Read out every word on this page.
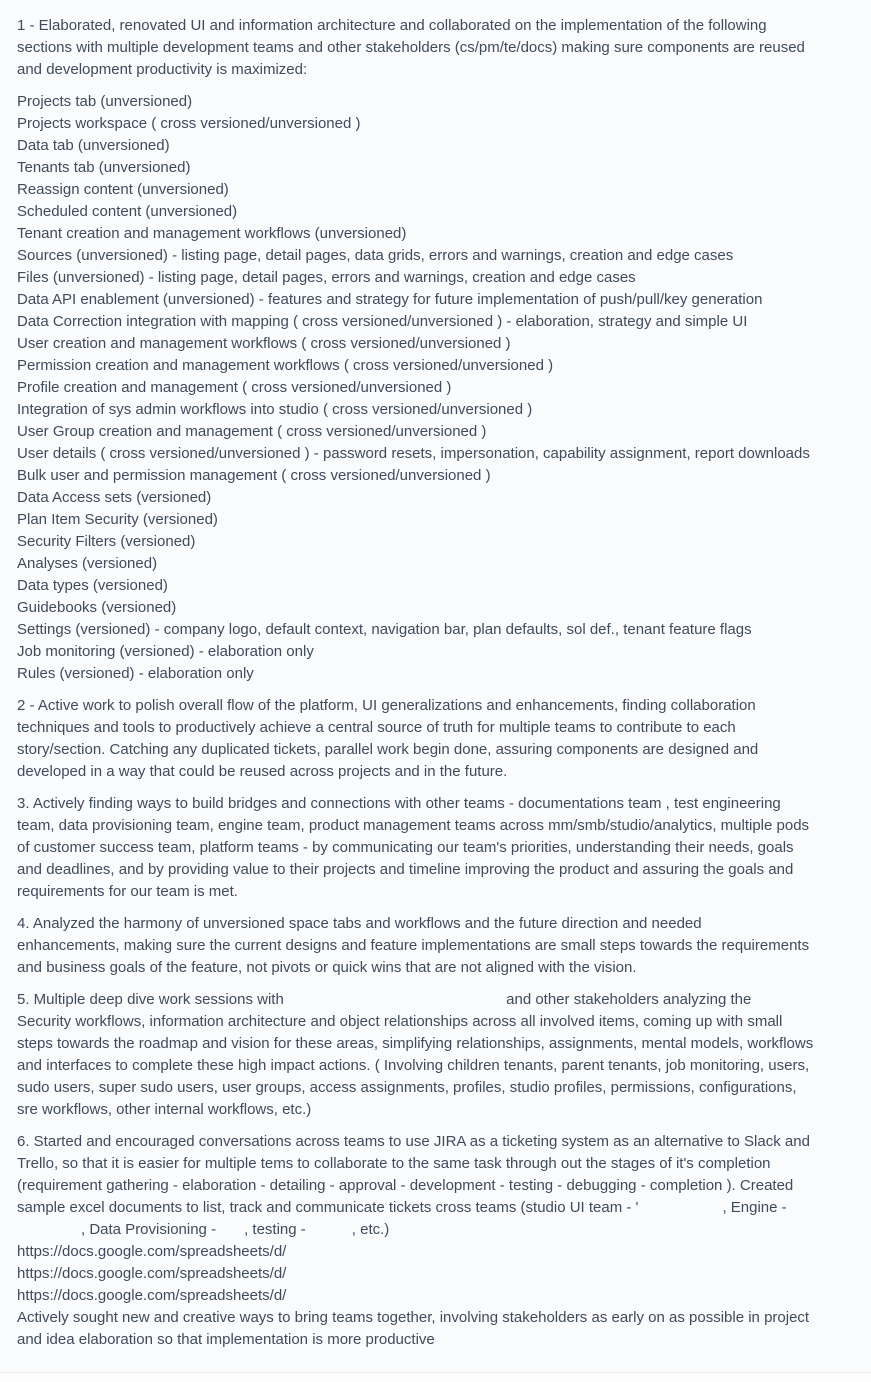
1 - Elaborated, renovated UI and information architecture and collaborated on the implementation of the following
sections with multiple development teams and other stakeholders (cs/pm/te/docs) making sure components are reused
and development productivity is maximized:
Projects tab (unversioned)
Projects workspace ( cross versioned/unversioned )
Data tab (unversioned)
Tenants tab (unversioned)
Reassign content (unversioned)
Scheduled content (unversioned)
Tenant creation and management workflows (unversioned)
Sources (unversioned) - listing page, detail pages, data grids, errors and warnings, creation and edge cases
Files (unversioned) - listing page, detail pages, errors and warnings, creation and edge cases
Data API enablement (unversioned) - features and strategy for future implementation of push/pull/key generation
Data Correction integration with mapping ( cross versioned/unversioned ) - elaboration, strategy and simple UI
User creation and management workflows ( cross versioned/unversioned )
Permission creation and management workflows ( cross versioned/unversioned )
Profile creation and management ( cross versioned/unversioned )
Integration of sys admin workflows into studio ( cross versioned/unversioned )
User Group creation and management ( cross versioned/unversioned )
User details ( cross versioned/unversioned ) - password resets, impersonation, capability assignment, report downloads
Bulk user and permission management ( cross versioned/unversioned )
Data Access sets (versioned)
Plan Item Security (versioned)
Security Filters (versioned)
Analyses (versioned)
Data types (versioned)
Guidebooks (versioned)
Settings (versioned) - company logo, default context, navigation bar, plan defaults, sol def., tenant feature flags
Job monitoring (versioned) - elaboration only
Rules (versioned) - elaboration only
2 - Active work to polish overall flow of the platform, UI generalizations and enhancements, finding collaboration
techniques and tools to productively achieve a central source of truth for multiple teams to contribute to each
story/section. Catching any duplicated tickets, parallel work begin done, assuring components are designed and
developed in a way that could be reused across projects and in the future.
3. Actively finding ways to build bridges and connections with other teams - documentations team , test engineering
team, data provisioning team, engine team, product management teams across mm/smb/studio/analytics, multiple pods
of customer success team, platform teams - by communicating our team's priorities, understanding their needs, goals
and deadlines, and by providing value to their projects and timeline improving the product and assuring the goals and
requirements for our team is met.
4. Analyzed the harmony of unversioned space tabs and workflows and the future direction and needed
enhancements, making sure the current designs and feature implementations are small steps towards the requirements
and business goals of the feature, not pivots or quick wins that are not aligned with the vision.
5. Multiple deep dive work sessions with	and other stakeholders analyzing the
Security workflows, information architecture and object relationships across all involved items, coming up with small
steps towards the roadmap and vision for these areas, simplifying relationships, assignments, mental models, workflows
and interfaces to complete these high impact actions. ( Involving children tenants, parent tenants, job monitoring, users,
sudo users, super sudo users, user groups, access assignments, profiles, studio profiles, permissions, configurations,
sre workflows, other internal workflows, etc.)
6. Started and encouraged conversations across teams to use JIRA as a ticketing system as an alternative to Slack and
Trello, so that it is easier for multiple tems to collaborate to the same task through out the stages of it's completion
(requirement gathering - elaboration - detailing - approval - development - testing - debugging - completion ). Created
sample excel documents to list, track and communicate tickets cross teams (studio UI team - '	, Engine -
, Data Provisioning - , testing -	, etc.)
https://docs.google.com/spreadsheets/d/
https://docs.google.com/spreadsheets/d/
https://docs.google.com/spreadsheets/d/
Actively sought new and creative ways to bring teams together, involving stakeholders as early on as possible in project
and idea elaboration so that implementation is more productive
